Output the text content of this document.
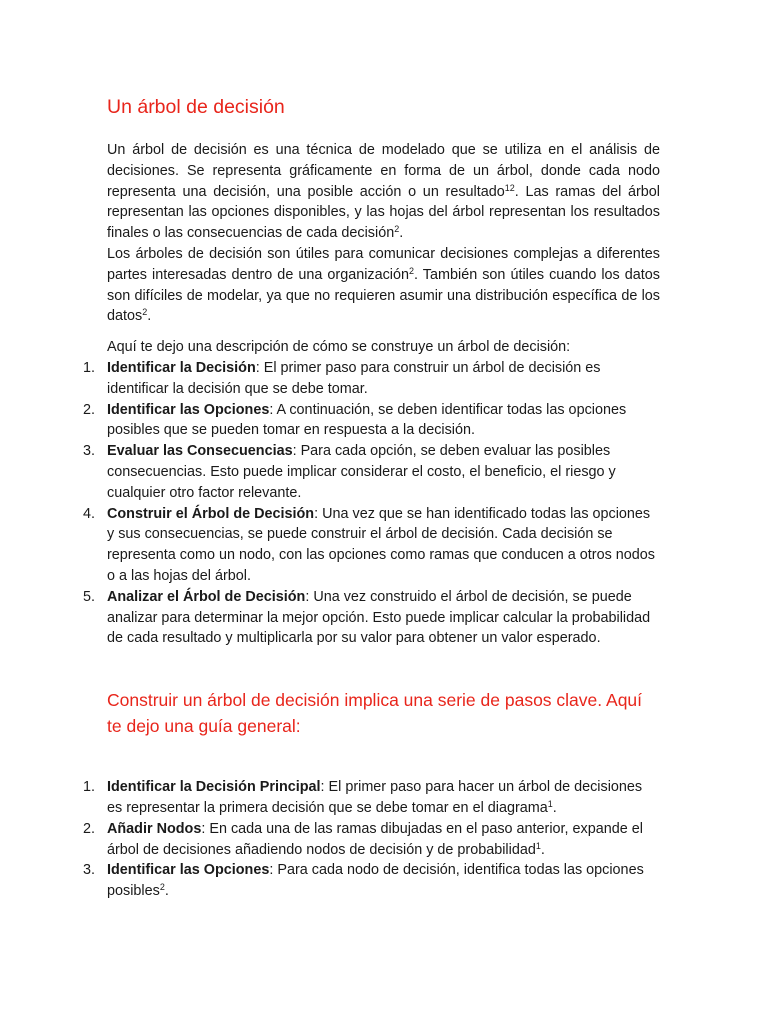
Un árbol de decisión

Un árbol de decisión es una técnica de modelado que se utiliza en el análisis de decisiones. Se representa gráficamente en forma de un árbol, donde cada nodo representa una decisión, una posible acción o un resultado$^{12}$. Las ramas del árbol representan las opciones disponibles, y las hojas del árbol representan los resultados finales o las consecuencias de cada decisión$^2$.

Los árboles de decisión son útiles para comunicar decisiones complejas a diferentes partes interesadas dentro de una organización$^2$. También son útiles cuando los datos son difíciles de modelar, ya que no requieren asumir una distribución específica de los datos$^2$.

Aquí te dejo una descripción de cómo se construye un árbol de decisión:

1. Identificar la Decisión: El primer paso para construir un árbol de decisión es identificar la decisión que se debe tomar.
2. Identificar las Opciones: A continuación, se deben identificar todas las opciones posibles que se pueden tomar en respuesta a la decisión.
3. Evaluar las Consecuencias: Para cada opción, se deben evaluar las posibles consecuencias. Esto puede implicar considerar el costo, el beneficio, el riesgo y cualquier otro factor relevante.
4. Construir el Árbol de Decisión: Una vez que se han identificado todas las opciones y sus consecuencias, se puede construir el árbol de decisión. Cada decisión se representa como un nodo, con las opciones como ramas que conducen a otros nodos o a las hojas del árbol.
5. Analizar el Árbol de Decisión: Una vez construido el árbol de decisión, se puede analizar para determinar la mejor opción. Esto puede implicar calcular la probabilidad de cada resultado y multiplicarla por su valor para obtener un valor esperado.
Construir un árbol de decisión implica una serie de pasos clave. Aquí te dejo una guía general:
1. Identificar la Decisión Principal: El primer paso para hacer un árbol de decisiones es representar la primera decisión que se debe tomar en el diagrama$^1$.
2. Añadir Nodos: En cada una de las ramas dibujadas en el paso anterior, expande el árbol de decisiones añadiendo nodos de decisión y de probabilidad$^1$.
3. Identificar las Opciones: Para cada nodo de decisión, identifica todas las opciones posibles$^2$.
